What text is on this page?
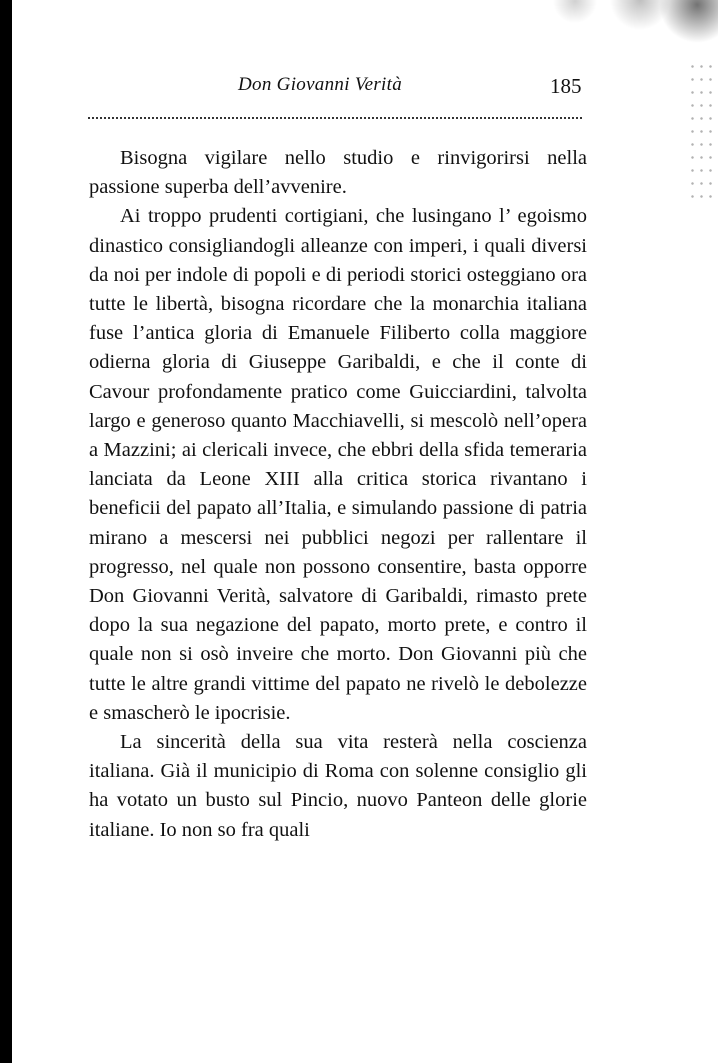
Don Giovanni Verità	185

Bisogna vigilare nello studio e rinvigorirsi nella passione superba dell’avvenire.

Ai troppo prudenti cortigiani, che lusingano l’ egoismo dinastico consigliandogli alleanze con imperi, i quali diversi da noi per indole di popoli e di periodi storici osteggiano ora tutte le libertà, bisogna ricordare che la monarchia italiana fuse l’antica gloria di Emanuele Filiberto colla maggiore odierna gloria di Giuseppe Garibaldi, e che il conte di Cavour profondamente pratico come Guicciardini, talvolta largo e generoso quanto Macchiavelli, si mescolò nell’opera a Mazzini; ai clericali invece, che ebbri della sfida temeraria lanciata da Leone XIII alla critica storica rivantano i beneficii del papato all’Italia, e simulando passione di patria mirano a mescersi nei pubblici negozi per rallentare il progresso, nel quale non possono consentire, basta opporre Don Giovanni Verità, salvatore di Garibaldi, rimasto prete dopo la sua negazione del papato, morto prete, e contro il quale non si osò inveire che morto. Don Giovanni più che tutte le altre grandi vittime del papato ne rivelò le debolezze e smascherò le ipocrisie.

La sincerità della sua vita resterà nella coscienza italiana. Già il municipio di Roma con solenne consiglio gli ha votato un busto sul Pincio, nuovo Panteon delle glorie italiane. Io non so fra quali
